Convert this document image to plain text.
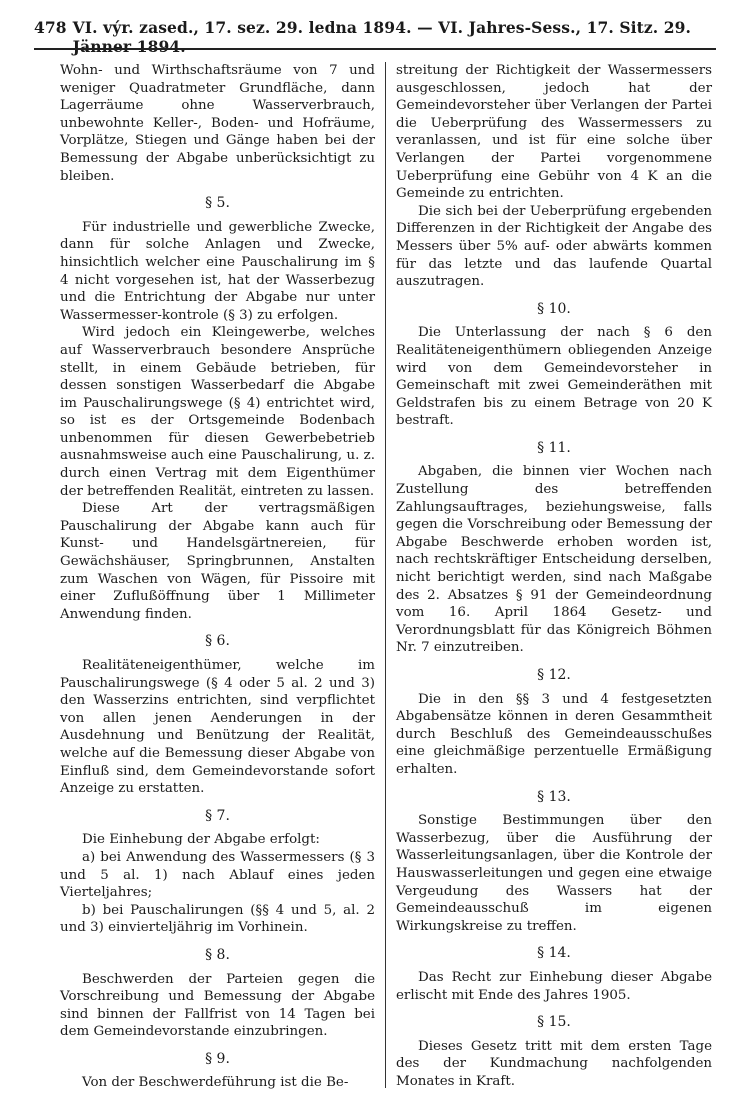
478 VI. výr. zased., 17. sez. 29. ledna 1894. — VI. Jahres-Sess., 17. Sitz. 29. Jänner 1894.

Wohn- und Wirthschaftsräume von 7 und weniger Quadratmeter Grundfläche, dann Lagerräume ohne Wasserverbrauch, unbewohnte Keller-, Boden- und Hofräume, Vorplätze, Stiegen und Gänge haben bei der Bemessung der Abgabe unberücksichtigt zu bleiben.

§ 5.

Für industrielle und gewerbliche Zwecke, dann für solche Anlagen und Zwecke, hinsichtlich welcher eine Pauschalirung im § 4 nicht vorgesehen ist, hat der Wasserbezug und die Entrichtung der Abgabe nur unter Wassermesser-kontrole (§ 3) zu erfolgen.

Wird jedoch ein Kleingewerbe, welches auf Wasserverbrauch besondere Ansprüche stellt, in einem Gebäude betrieben, für dessen sonstigen Wasserbedarf die Abgabe im Pauschalirungswege (§ 4) entrichtet wird, so ist es der Ortsgemeinde Bodenbach unbenommen für diesen Gewerbebetrieb ausnahmsweise auch eine Pauschalirung, u. z. durch einen Vertrag mit dem Eigenthümer der betreffenden Realität, eintreten zu lassen.

Diese Art der vertragsmäßigen Pauschalirung der Abgabe kann auch für Kunst- und Handelsgärtnereien, für Gewächshäuser, Springbrunnen, Anstalten zum Waschen von Wägen, für Pissoire mit einer Zuflußöffnung über 1 Millimeter Anwendung finden.

§ 6.

Realitäteneigenthümer, welche im Pauschalirungswege (§ 4 oder 5 al. 2 und 3) den Wasserzins entrichten, sind verpflichtet von allen jenen Aenderungen in der Ausdehnung und Benützung der Realität, welche auf die Bemessung dieser Abgabe von Einfluß sind, dem Gemeindevorstande sofort Anzeige zu erstatten.

§ 7.

Die Einhebung der Abgabe erfolgt:

a) bei Anwendung des Wassermessers (§ 3 und 5 al. 1) nach Ablauf eines jeden Vierteljahres;

b) bei Pauschalirungen (§§ 4 und 5, al. 2 und 3) einvierteljährig im Vorhinein.

§ 8.

Beschwerden der Parteien gegen die Vorschreibung und Bemessung der Abgabe sind binnen der Fallfrist von 14 Tagen bei dem Gemeindevorstande einzubringen.

§ 9.

Von der Beschwerdeführung ist die Be-

streitung der Richtigkeit der Wassermessers ausgeschlossen, jedoch hat der Gemeindevorsteher über Verlangen der Partei die Ueberprüfung des Wassermessers zu veranlassen, und ist für eine solche über Verlangen der Partei vorgenommene Ueberprüfung eine Gebühr von 4 K an die Gemeinde zu entrichten.

Die sich bei der Ueberprüfung ergebenden Differenzen in der Richtigkeit der Angabe des Messers über 5% auf- oder abwärts kommen für das letzte und das laufende Quartal auszutragen.

§ 10.

Die Unterlassung der nach § 6 den Realitäteneigenthümern obliegenden Anzeige wird von dem Gemeindevorsteher in Gemeinschaft mit zwei Gemeinderäthen mit Geldstrafen bis zu einem Betrage von 20 K bestraft.

§ 11.

Abgaben, die binnen vier Wochen nach Zustellung des betreffenden Zahlungsauftrages, beziehungsweise, falls gegen die Vorschreibung oder Bemessung der Abgabe Beschwerde erhoben worden ist, nach rechtskräftiger Entscheidung derselben, nicht berichtigt werden, sind nach Maßgabe des 2. Absatzes § 91 der Gemeindeordnung vom 16. April 1864 Gesetz- und Verordnungsblatt für das Königreich Böhmen Nr. 7 einzutreiben.

§ 12.

Die in den §§ 3 und 4 festgesetzten Abgabensätze können in deren Gesammtheit durch Beschluß des Gemeindeausschußes eine gleichmäßige perzentuelle Ermäßigung erhalten.

§ 13.

Sonstige Bestimmungen über den Wasserbezug, über die Ausführung der Wasserleitungsanlagen, über die Kontrole der Hauswasserleitungen und gegen eine etwaige Vergeudung des Wassers hat der Gemeindeausschuß im eigenen Wirkungskreise zu treffen.

§ 14.

Das Recht zur Einhebung dieser Abgabe erlischt mit Ende des Jahres 1905.

§ 15.

Dieses Gesetz tritt mit dem ersten Tage des der Kundmachung nachfolgenden Monates in Kraft.
